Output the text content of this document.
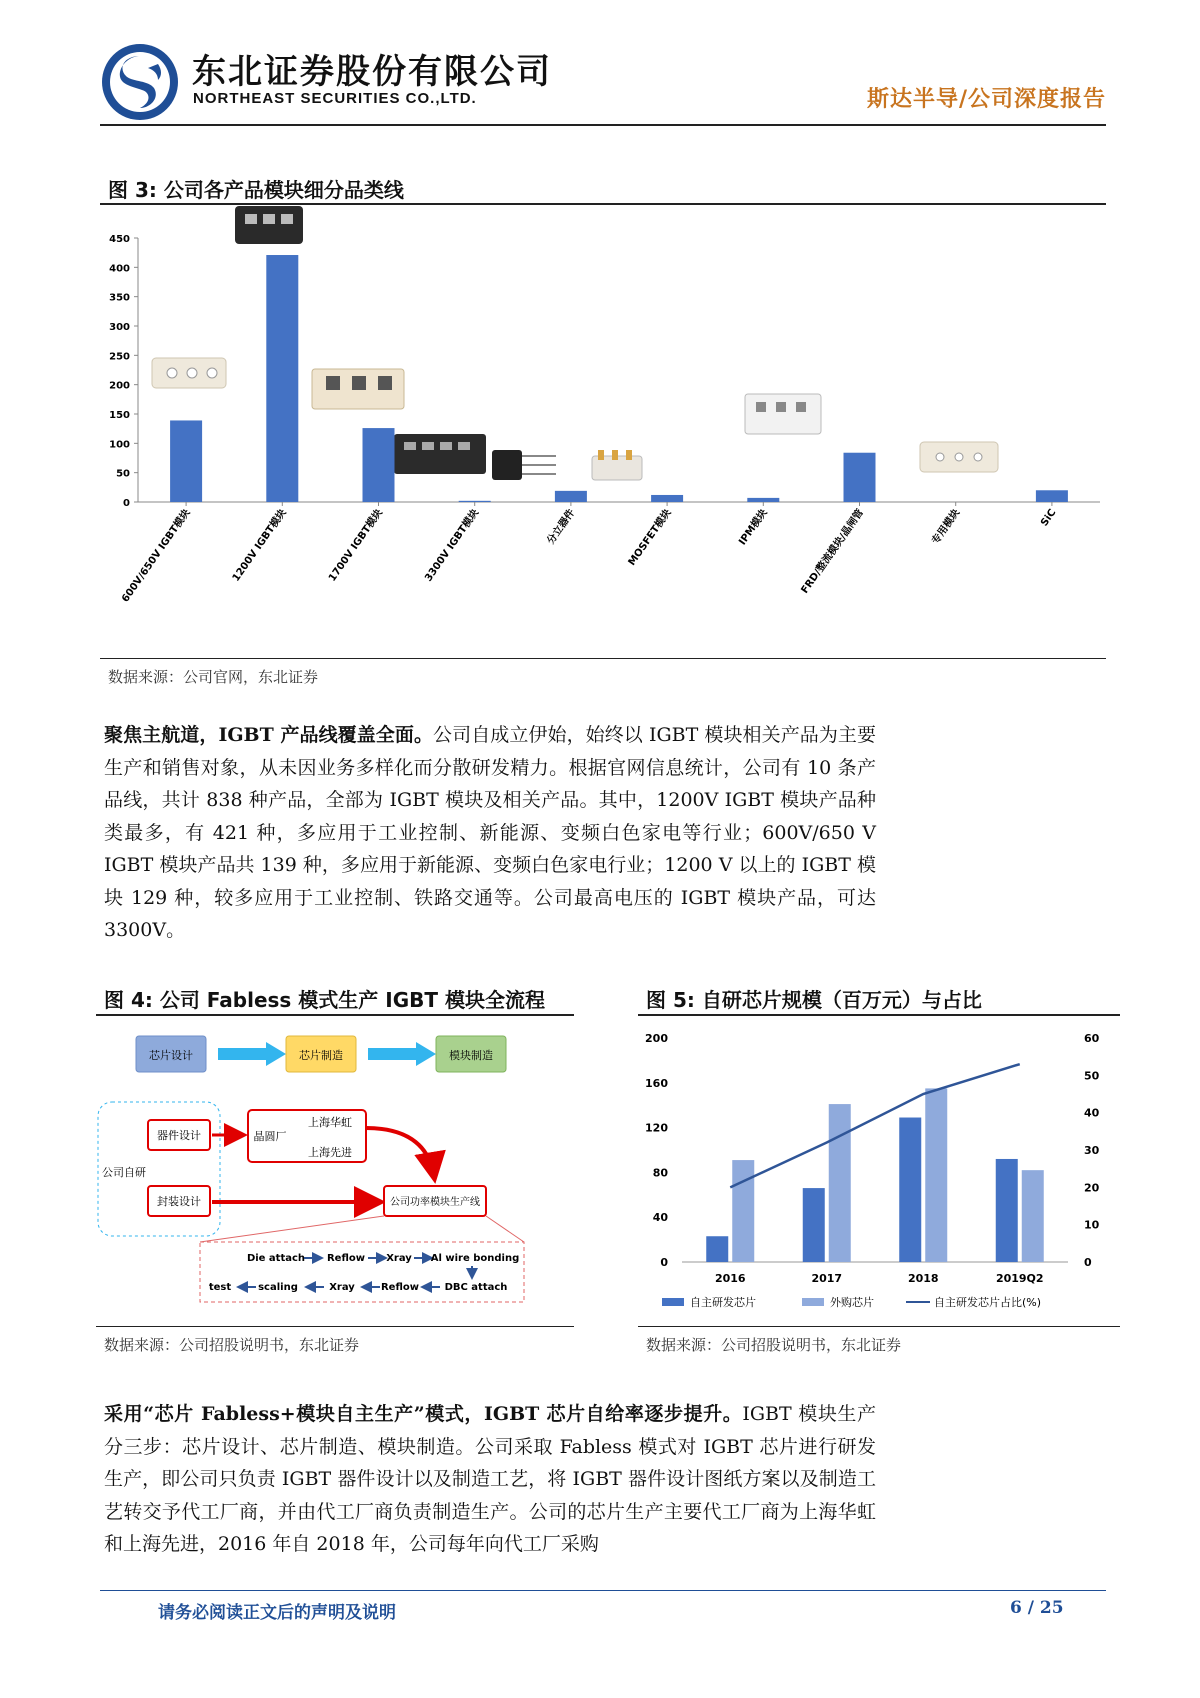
东北证券股份有限公司
NORTHEAST SECURITIES CO.,LTD.	斯达半导/公司深度报告
图 3: 公司各产品模块细分品类线
0
50
100
150
200
250
300
350
400
450
600V/650V IGBT模块	1200V IGBT模块	1700V IGBT模块	3300V IGBT模块	分立器件	MOSFET模块	IPM模块	FRD/整流模块/晶闸管	专用模块	SiC
数据来源：公司官网，东北证券
聚焦主航道，IGBT 产品线覆盖全面。公司自成立伊始，始终以 IGBT 模块相关产品为主要生产和销售对象，从未因业务多样化而分散研发精力。根据官网信息统计，公司有 10 条产品线，共计 838 种产品，全部为 IGBT 模块及相关产品。其中，1200V IGBT 模块产品种类最多，有 421 种，多应用于工业控制、新能源、变频白色家电等行业；600V/650 V IGBT 模块产品共 139 种，多应用于新能源、变频白色家电行业；1200 V 以上的 IGBT 模块 129 种，较多应用于工业控制、铁路交通等。公司最高电压的 IGBT 模块产品，可达 3300V。
图 4: 公司 Fabless 模式生产 IGBT 模块全流程
芯片设计	芯片制造	模块制造
公司自研
器件设计
封装设计
晶圆厂
上海华虹
上海先进
公司功率模块生产线
Die attach Reflow Xray Al wire bonding
test	scaling	Xray	Reflow	DBC attach
数据来源：公司招股说明书，东北证券
图 5: 自研芯片规模（百万元）与占比
0
40
80
120
160
200
0
10
20
30
40
50
60
2016	2017	2018	2019Q2
自主研发芯片	外购芯片	自主研发芯片占比(%)
数据来源：公司招股说明书，东北证券
采用“芯片 Fabless+模块自主生产”模式，IGBT 芯片自给率逐步提升。IGBT 模块生产分三步：芯片设计、芯片制造、模块制造。公司采取 Fabless 模式对 IGBT 芯片进行研发生产，即公司只负责 IGBT 器件设计以及制造工艺，将 IGBT 器件设计图纸方案以及制造工艺转交予代工厂商，并由代工厂商负责制造生产。公司的芯片生产主要代工厂商为上海华虹和上海先进，2016 年自 2018 年，公司每年向代工厂采购
请务必阅读正文后的声明及说明	6 / 25
